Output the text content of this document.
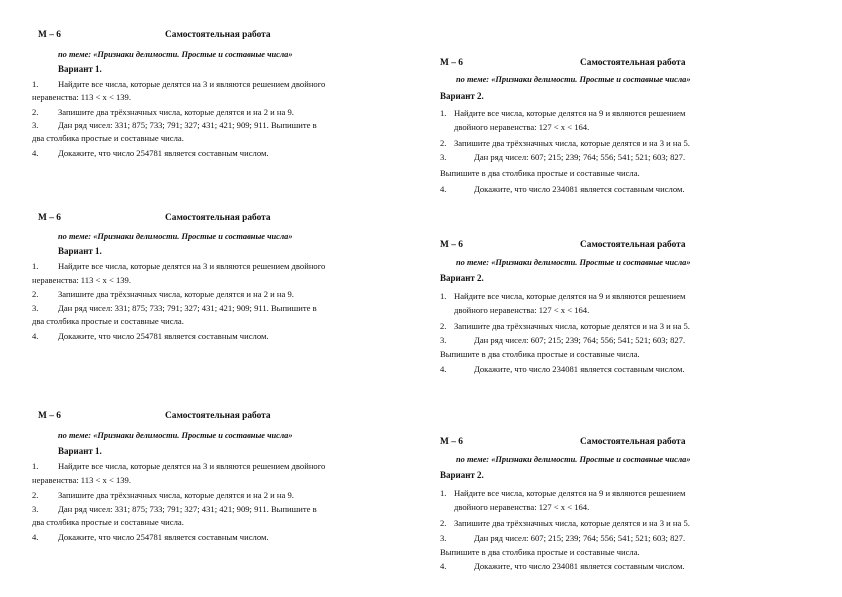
М – 6	Самостоятельная работа
по теме: «Признаки делимости. Простые и составные числа»
Вариант 1.
1. Найдите все числа, которые делятся на 3 и являются решением двойного
неравенства: 113 < x < 139.
2. Запишите два трёхзначных числа, которые делятся и на 2 и на 9.
3. Дан ряд чисел: 331; 875; 733; 791; 327; 431; 421; 909; 911. Выпишите в
два столбика простые и составные числа.
4. Докажите, что число 254781 является составным числом.
М – 6	Самостоятельная работа
по теме: «Признаки делимости. Простые и составные числа»
Вариант 1.
1. Найдите все числа, которые делятся на 3 и являются решением двойного
неравенства: 113 < x < 139.
2. Запишите два трёхзначных числа, которые делятся и на 2 и на 9.
3. Дан ряд чисел: 331; 875; 733; 791; 327; 431; 421; 909; 911. Выпишите в
два столбика простые и составные числа.
4. Докажите, что число 254781 является составным числом.
М – 6	Самостоятельная работа
по теме: «Признаки делимости. Простые и составные числа»
Вариант 1.
1. Найдите все числа, которые делятся на 3 и являются решением двойного
неравенства: 113 < x < 139.
2. Запишите два трёхзначных числа, которые делятся и на 2 и на 9.
3. Дан ряд чисел: 331; 875; 733; 791; 327; 431; 421; 909; 911. Выпишите в
два столбика простые и составные числа.
4. Докажите, что число 254781 является составным числом.
М – 6	Самостоятельная работа
по теме: «Признаки делимости. Простые и составные числа»
Вариант 2.
1. Найдите все числа, которые делятся на 9 и являются решением
двойного неравенства: 127 < x < 164.
2. Запишите два трёхзначных числа, которые делятся и на 3 и на 5.
3.	Дан ряд чисел: 607; 215; 239; 764; 556; 541; 521; 603; 827.
Выпишите в два столбика простые и составные числа.
4.	Докажите, что число 234081 является составным числом.
М – 6	Самостоятельная работа
по теме: «Признаки делимости. Простые и составные числа»
Вариант 2.
1. Найдите все числа, которые делятся на 9 и являются решением
двойного неравенства: 127 < x < 164.
2. Запишите два трёхзначных числа, которые делятся и на 3 и на 5.
3.	Дан ряд чисел: 607; 215; 239; 764; 556; 541; 521; 603; 827.
Выпишите в два столбика простые и составные числа.
4.	Докажите, что число 234081 является составным числом.
М – 6	Самостоятельная работа
по теме: «Признаки делимости. Простые и составные числа»
Вариант 2.
1. Найдите все числа, которые делятся на 9 и являются решением
двойного неравенства: 127 < x < 164.
2. Запишите два трёхзначных числа, которые делятся и на 3 и на 5.
3.	Дан ряд чисел: 607; 215; 239; 764; 556; 541; 521; 603; 827.
Выпишите в два столбика простые и составные числа.
4.	Докажите, что число 234081 является составным числом.
